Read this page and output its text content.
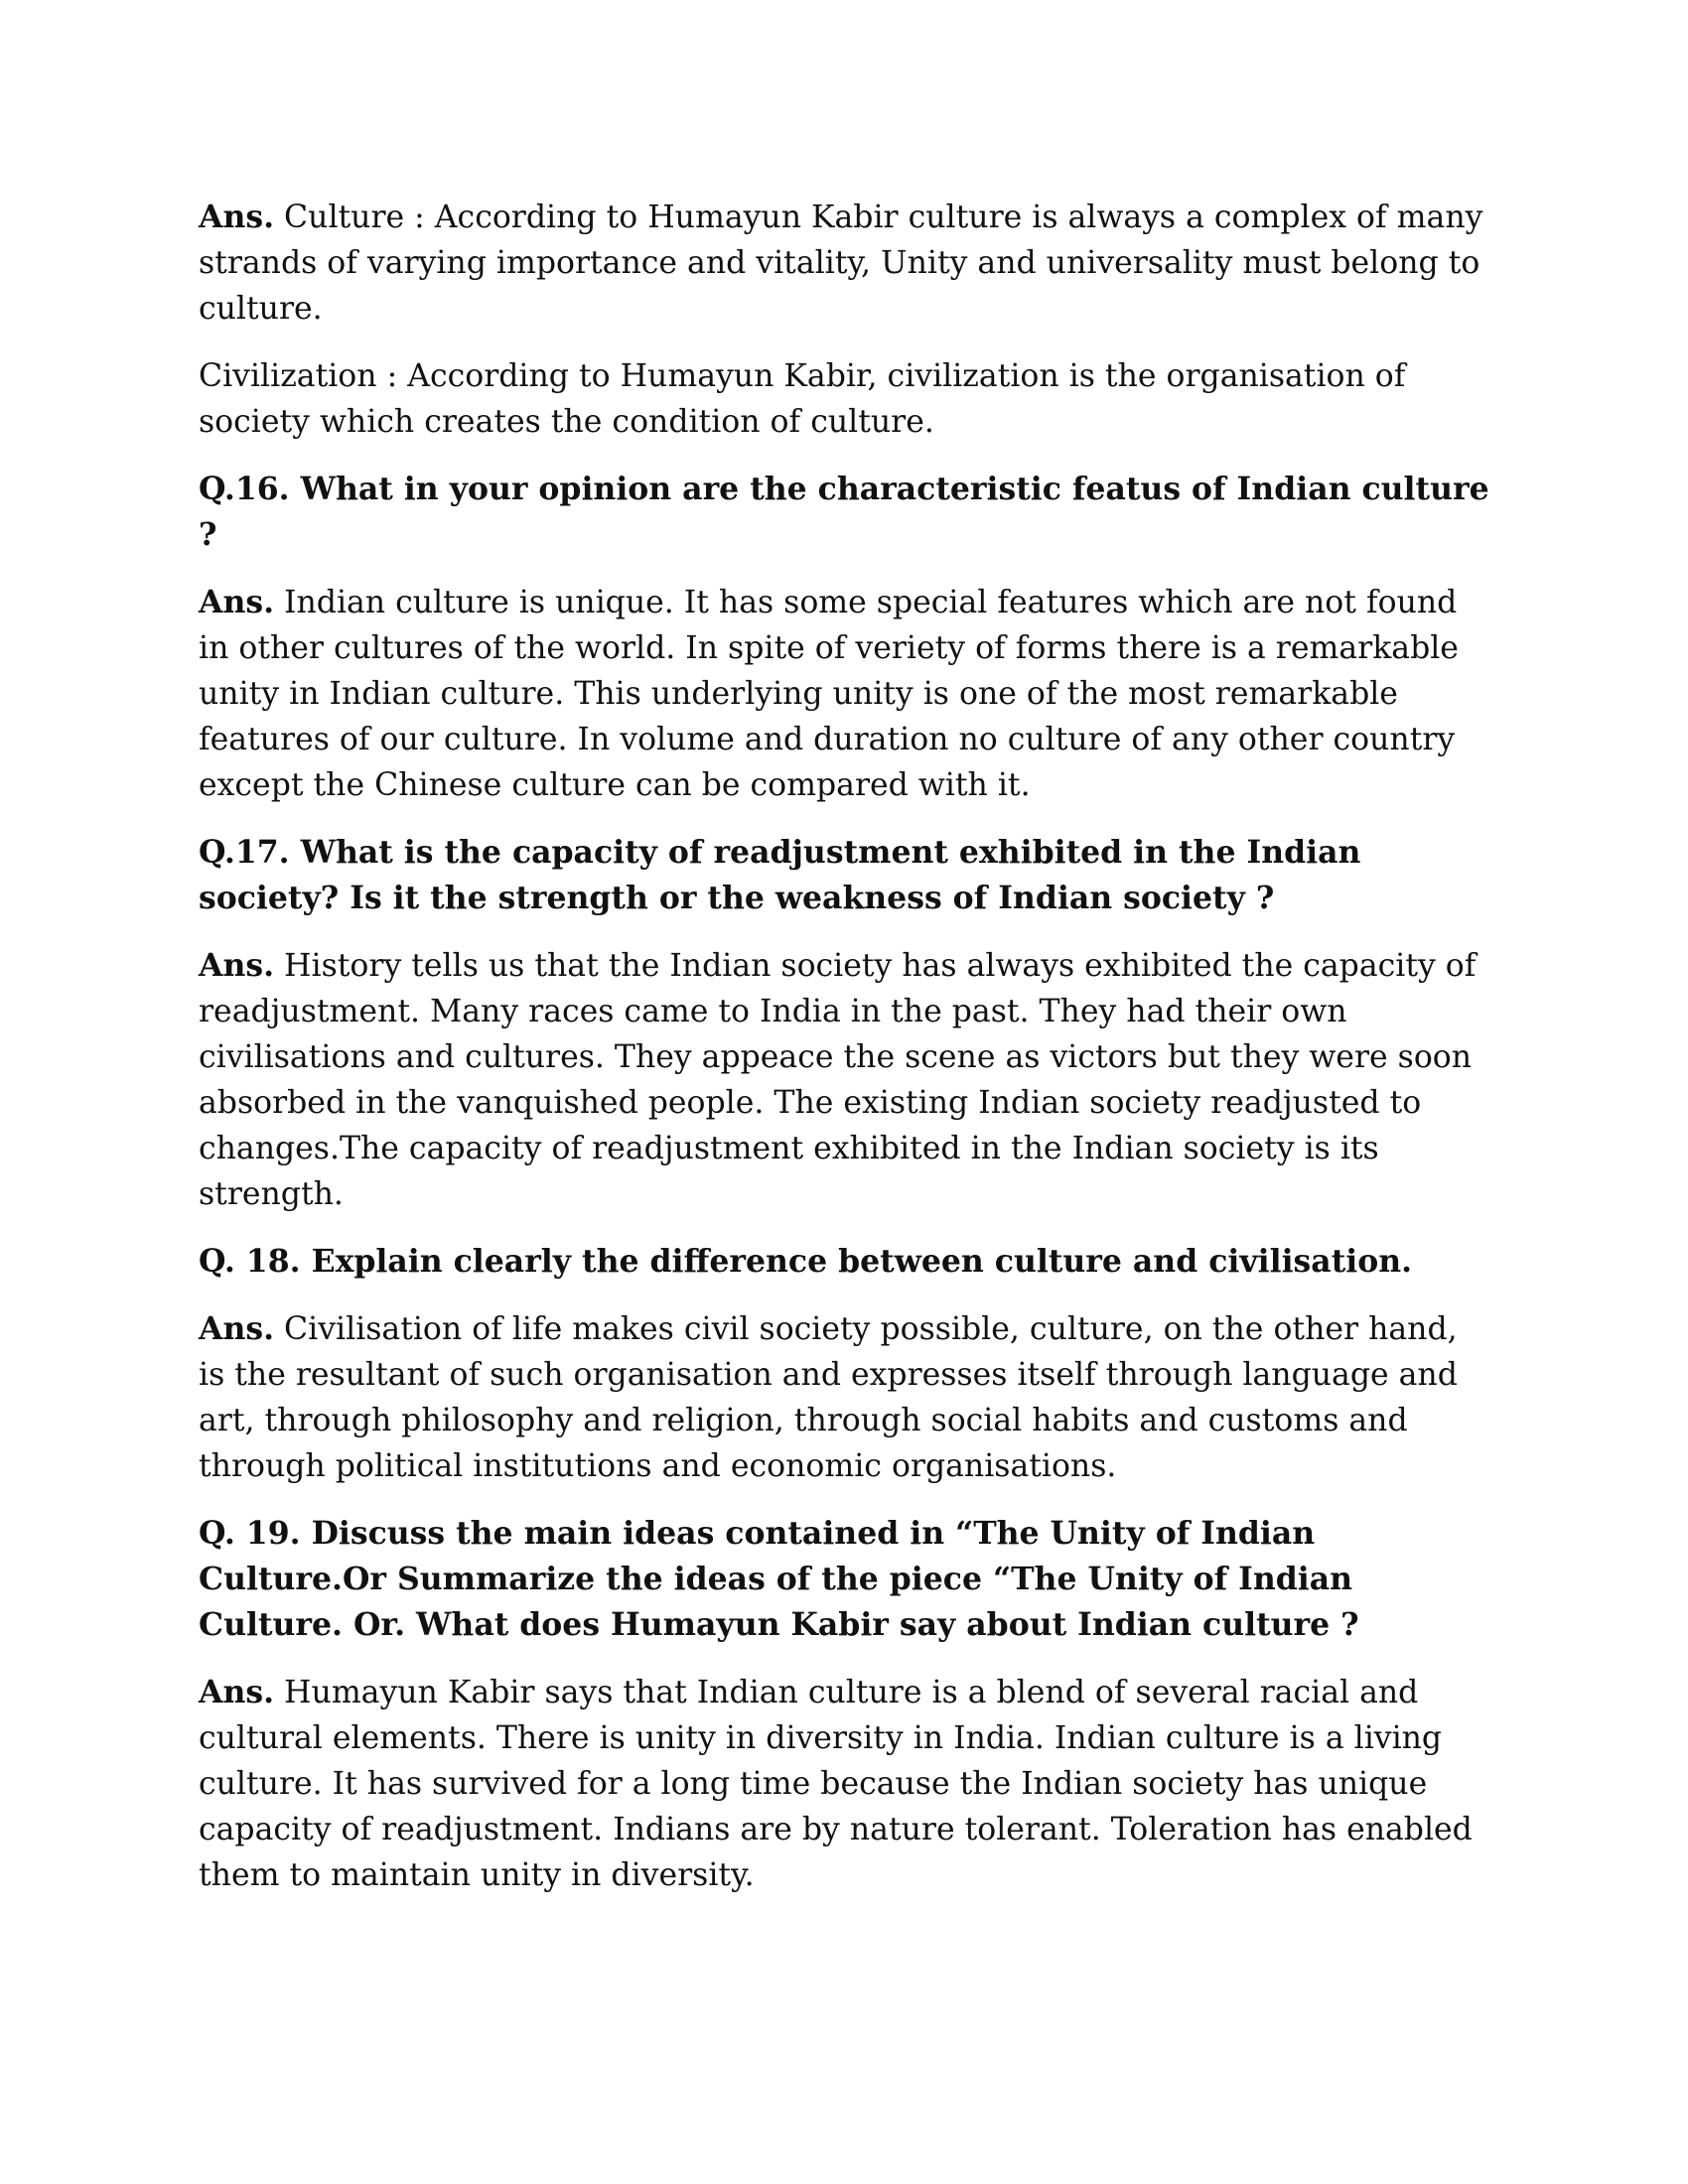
Ans. Culture : According to Humayun Kabir culture is always a complex of many strands of varying importance and vitality, Unity and universality must belong to culture.

Civilization : According to Humayun Kabir, civilization is the organisation of society which creates the condition of culture.

Q.16. What in your opinion are the characteristic featus of Indian culture ?

Ans. Indian culture is unique. It has some special features which are not found in other cultures of the world. In spite of veriety of forms there is a remarkable unity in Indian culture. This underlying unity is one of the most remarkable features of our culture. In volume and duration no culture of any other country except the Chinese culture can be compared with it.

Q.17. What is the capacity of readjustment exhibited in the Indian society? Is it the strength or the weakness of Indian society ?

Ans. History tells us that the Indian society has always exhibited the capacity of readjustment. Many races came to India in the past. They had their own civilisations and cultures. They appeace the scene as victors but they were soon absorbed in the vanquished people. The existing Indian society readjusted to changes.The capacity of readjustment exhibited in the Indian society is its strength.

Q. 18. Explain clearly the difference between culture and civilisation.

Ans. Civilisation of life makes civil society possible, culture, on the other hand, is the resultant of such organisation and expresses itself through language and art, through philosophy and religion, through social habits and customs and through political institutions and economic organisations.

Q. 19. Discuss the main ideas contained in “The Unity of Indian Culture.Or Summarize the ideas of the piece “The Unity of Indian Culture. Or. What does Humayun Kabir say about Indian culture ?

Ans. Humayun Kabir says that Indian culture is a blend of several racial and cultural elements. There is unity in diversity in India. Indian culture is a living culture. It has survived for a long time because the Indian society has unique capacity of readjustment. Indians are by nature tolerant. Toleration has enabled them to maintain unity in diversity.
